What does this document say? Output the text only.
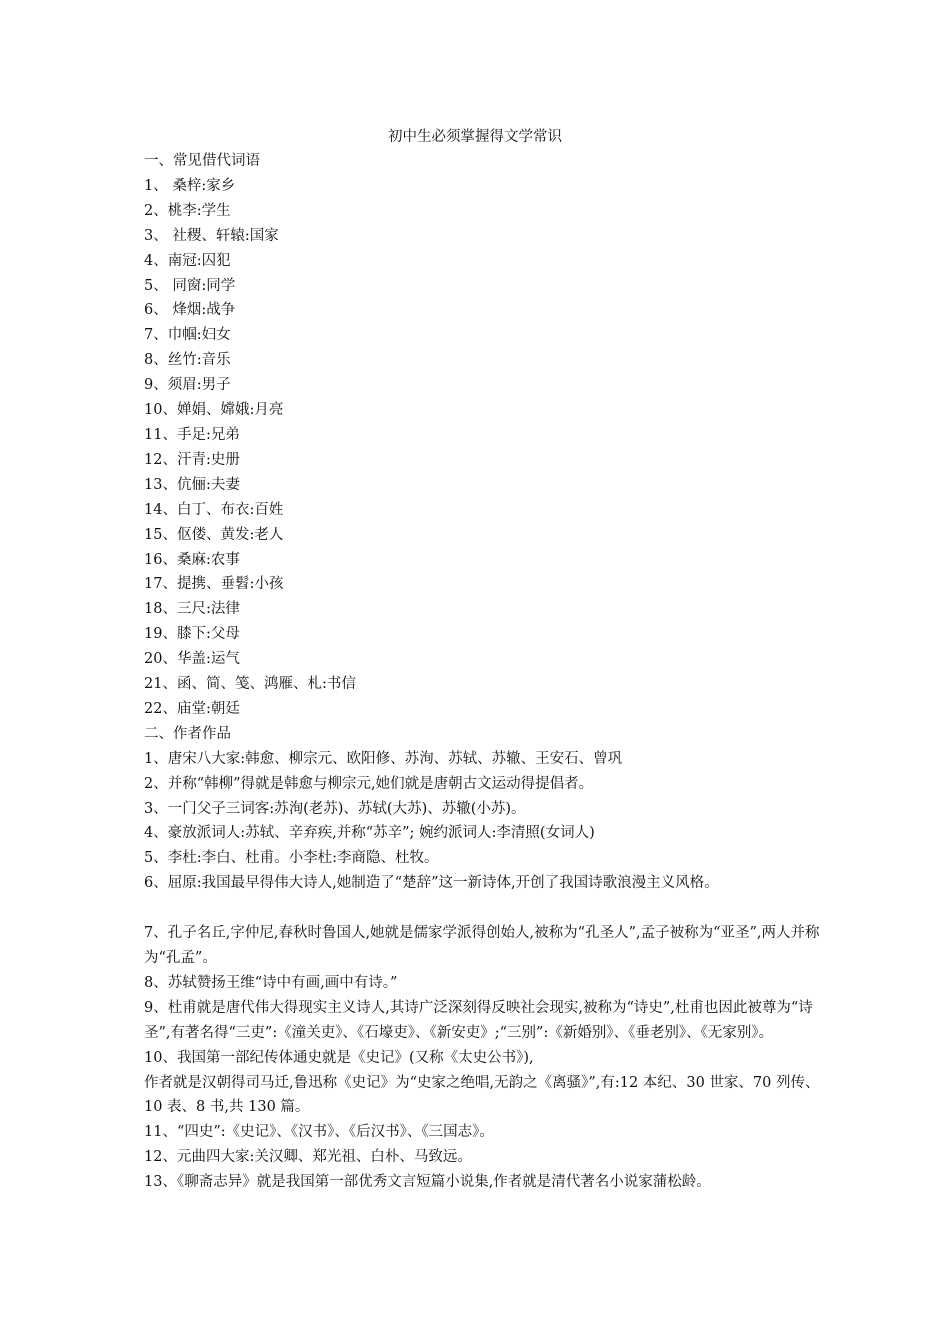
初中生必须掌握得文学常识

一、常见借代词语

1、 桑梓:家乡

2、桃李:学生

3、 社稷、轩辕:国家

4、南冠:囚犯

5、 同窗:同学

6、 烽烟:战争

7、巾帼:妇女

8、丝竹:音乐

9、须眉:男子

10、婵娟、嫦娥:月亮

11、手足:兄弟

12、汗青:史册

13、伉俪:夫妻

14、白丁、布衣:百姓

15、伛偻、黄发:老人

16、桑麻:农事

17、提携、垂髫:小孩

18、三尺:法律

19、膝下:父母

20、华盖:运气

21、函、简、笺、鸿雁、札:书信

22、庙堂:朝廷

二、作者作品

1、唐宋八大家:韩愈、柳宗元、欧阳修、苏洵、苏轼、苏辙、王安石、曾巩

2、并称“韩柳”得就是韩愈与柳宗元,她们就是唐朝古文运动得提倡者。

3、一门父子三词客:苏洵(老苏)、苏轼(大苏)、苏辙(小苏)。

4、豪放派词人:苏轼、辛弃疾,并称“苏辛”; 婉约派词人:李清照(女词人)

5、李杜:李白、杜甫。小李杜:李商隐、杜牧。

6、屈原:我国最早得伟大诗人,她制造了“楚辞”这一新诗体,开创了我国诗歌浪漫主义风格。

7、孔子名丘,字仲尼,春秋时鲁国人,她就是儒家学派得创始人,被称为“孔圣人”,孟子被称为“亚圣”,两人并称为“孔孟”。

8、苏轼赞扬王维“诗中有画,画中有诗。”

9、杜甫就是唐代伟大得现实主义诗人,其诗广泛深刻得反映社会现实,被称为“诗史”,杜甫也因此被尊为“诗圣”,有著名得“三吏”:《潼关吏》、《石壕吏》、《新安吏》;“三别”:《新婚别》、《垂老别》、《无家别》。

10、我国第一部纪传体通史就是《史记》(又称《太史公书》),

作者就是汉朝得司马迁,鲁迅称《史记》为“史家之绝唱,无韵之《离骚》”,有:12 本纪、30 世家、70 列传、10 表、8 书,共 130 篇。

11、“四史”:《史记》、《汉书》、《后汉书》、《三国志》。

12、元曲四大家:关汉卿、郑光祖、白朴、马致远。

13、《聊斋志异》就是我国第一部优秀文言短篇小说集,作者就是清代著名小说家蒲松龄。
